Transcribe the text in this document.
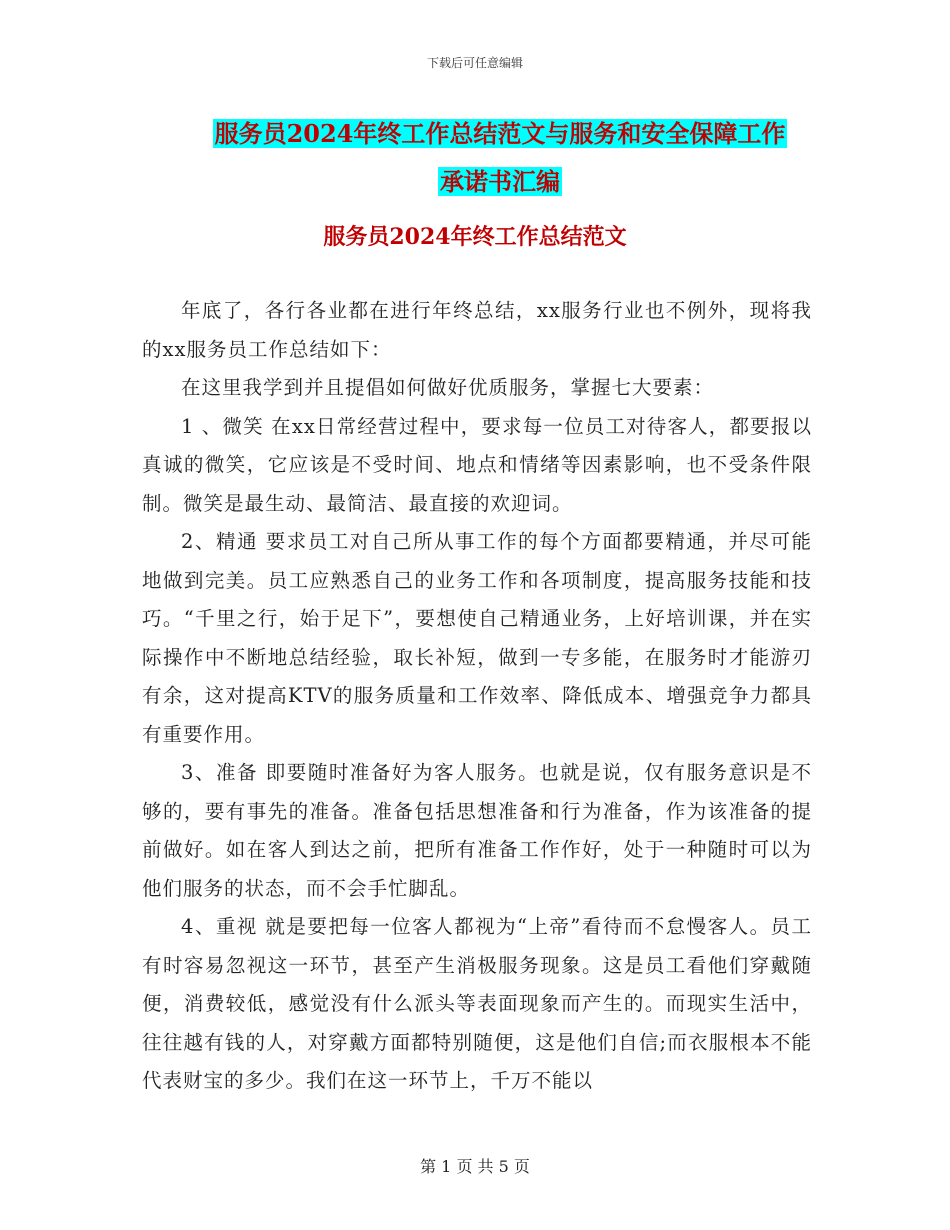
下载后可任意编辑
服务员2024年终工作总结范文与服务和安全保障工作
承诺书汇编
服务员2024年终工作总结范文

年底了，各行各业都在进行年终总结，xx服务行业也不例外，现将我的xx服务员工作总结如下：

在这里我学到并且提倡如何做好优质服务，掌握七大要素：

1 、微笑 在xx日常经营过程中，要求每一位员工对待客人，都要报以真诚的微笑，它应该是不受时间、地点和情绪等因素影响，也不受条件限制。微笑是最生动、最简洁、最直接的欢迎词。

2、精通 要求员工对自己所从事工作的每个方面都要精通，并尽可能地做到完美。员工应熟悉自己的业务工作和各项制度，提高服务技能和技巧。“千里之行，始于足下”，要想使自己精通业务，上好培训课，并在实际操作中不断地总结经验，取长补短，做到一专多能，在服务时才能游刃有余，这对提高KTV的服务质量和工作效率、降低成本、增强竞争力都具有重要作用。

3、准备 即要随时准备好为客人服务。也就是说，仅有服务意识是不够的，要有事先的准备。准备包括思想准备和行为准备，作为该准备的提前做好。如在客人到达之前，把所有准备工作作好，处于一种随时可以为他们服务的状态，而不会手忙脚乱。

4、重视 就是要把每一位客人都视为“上帝”看待而不怠慢客人。员工有时容易忽视这一环节，甚至产生消极服务现象。这是员工看他们穿戴随便，消费较低，感觉没有什么派头等表面现象而产生的。而现实生活中，往往越有钱的人，对穿戴方面都特别随便，这是他们自信;而衣服根本不能代表财宝的多少。我们在这一环节上，千万不能以

第 1 页 共 5 页
